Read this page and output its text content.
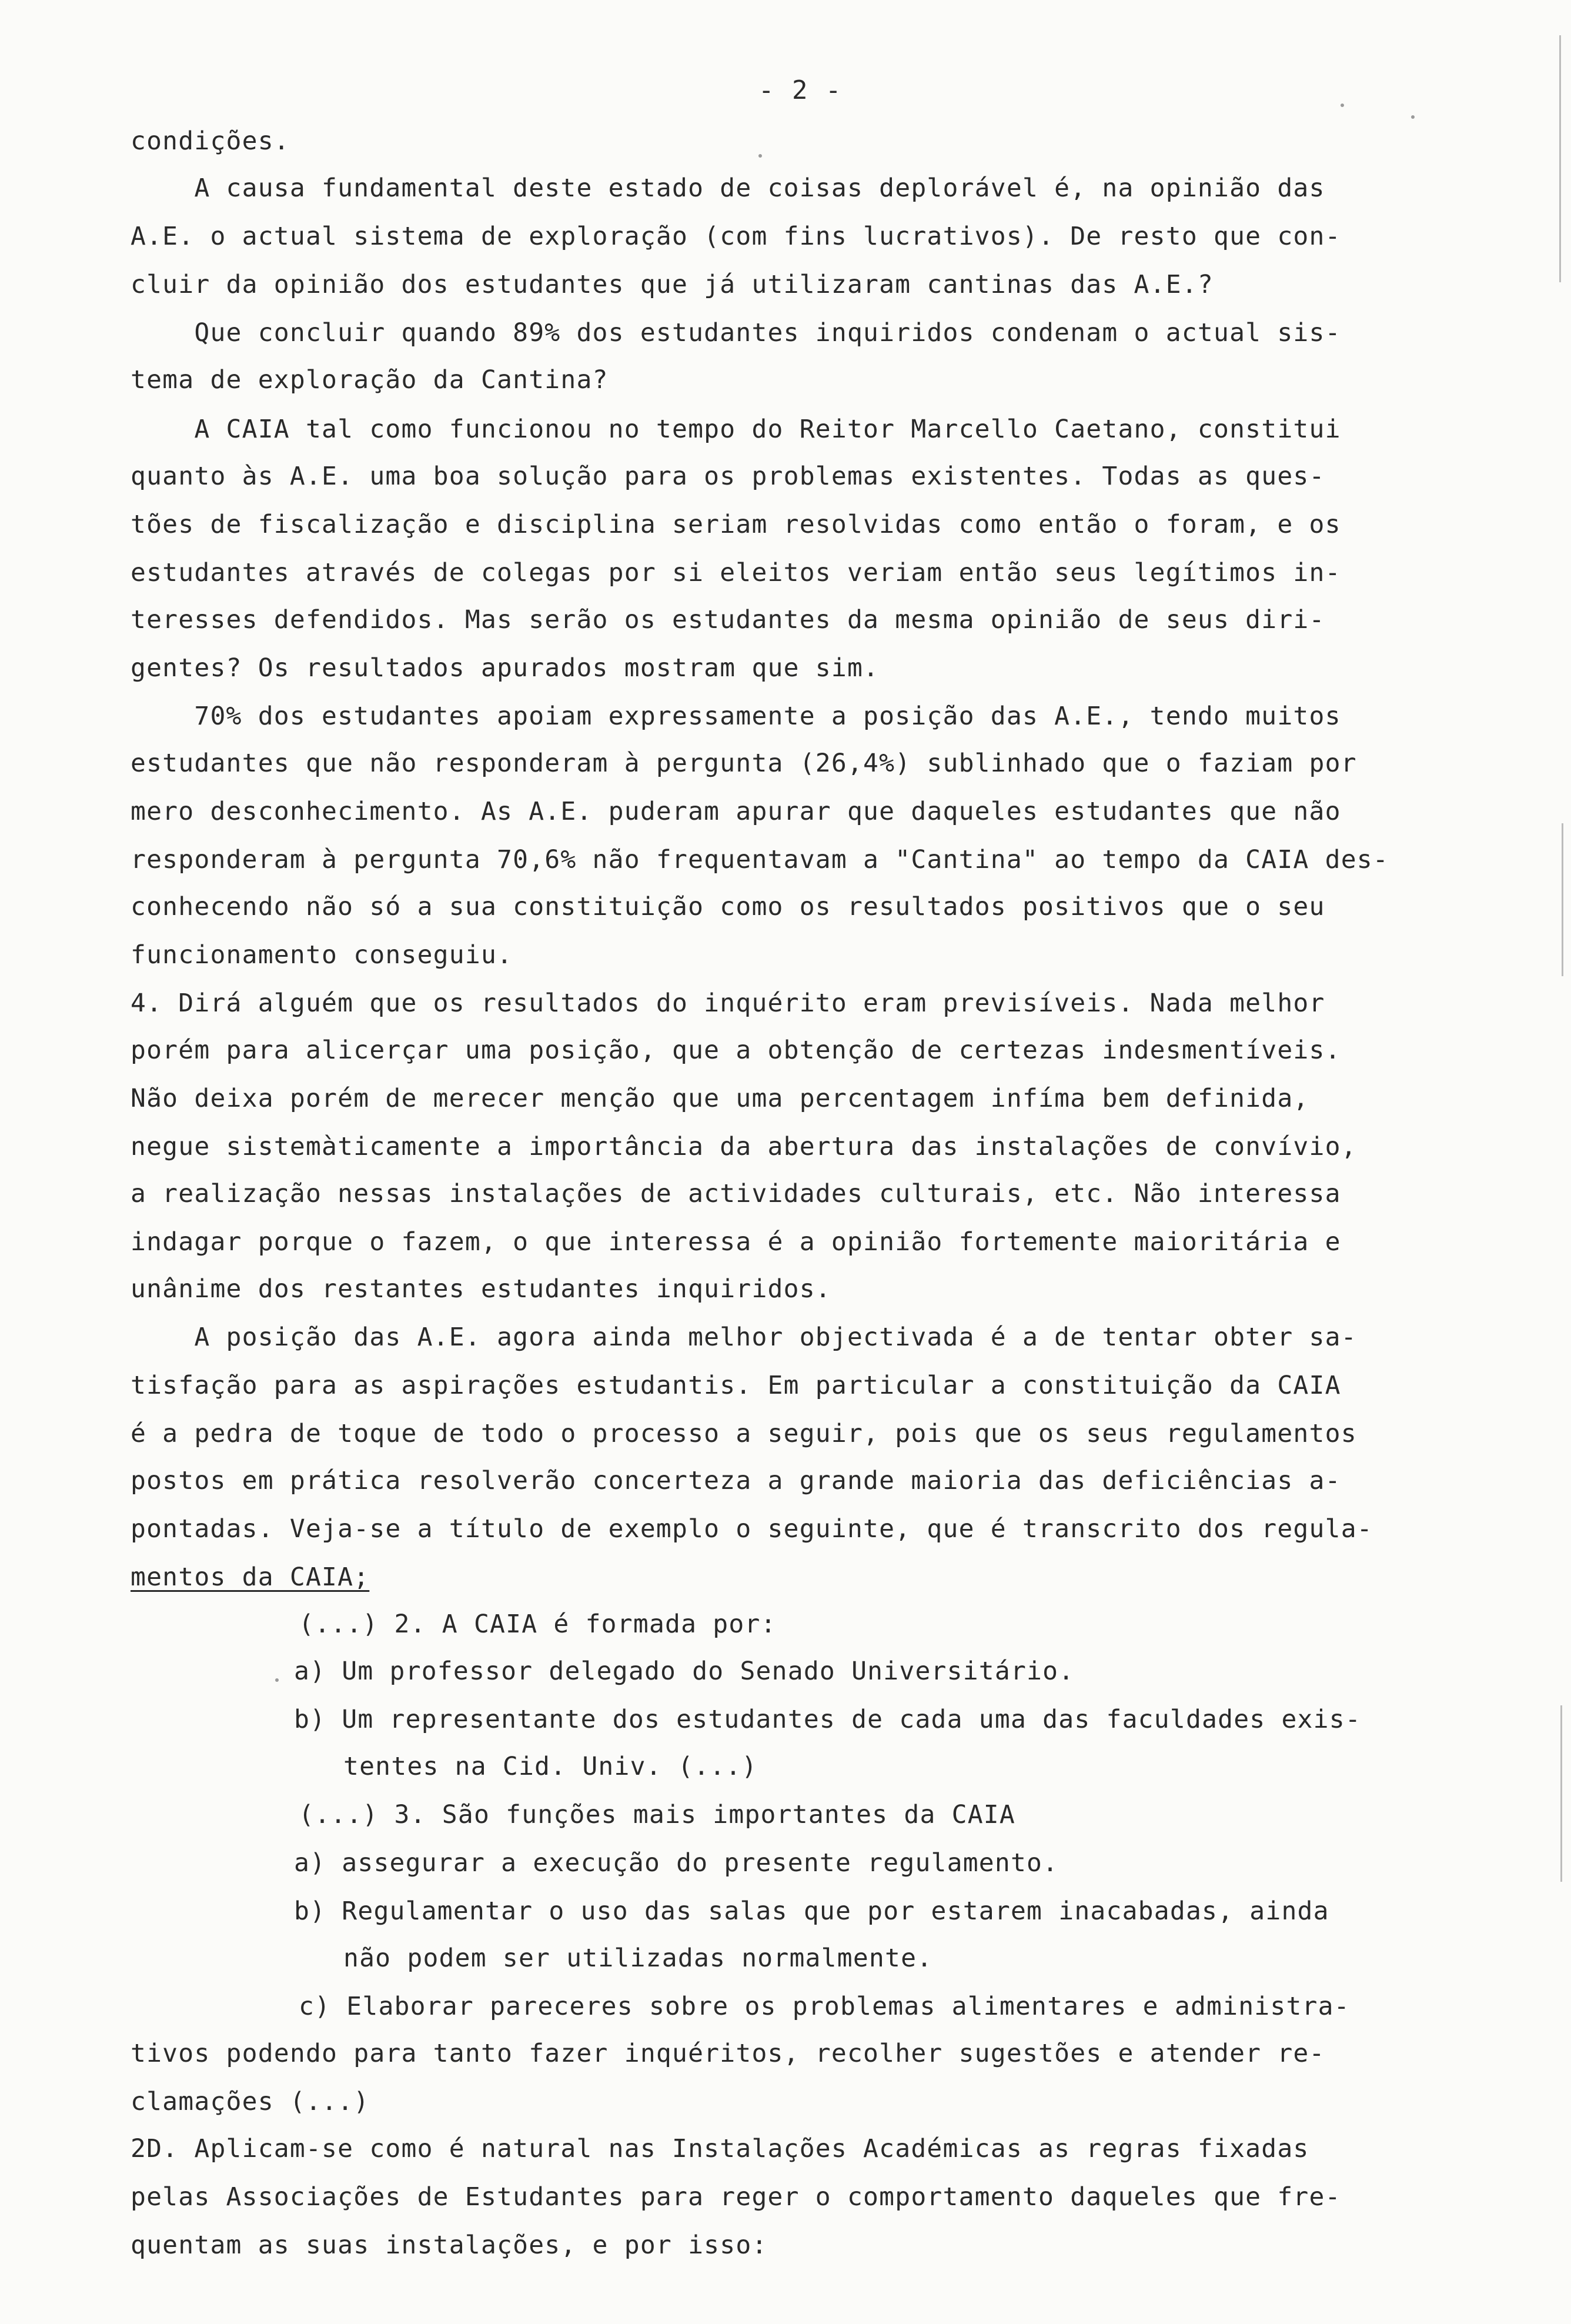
- 2 -
condições.
A causa fundamental deste estado de coisas deplorável é, na opinião das
A.E. o actual sistema de exploração (com fins lucrativos). De resto que con-
cluir da opinião dos estudantes que já utilizaram cantinas das A.E.?
Que concluir quando 89% dos estudantes inquiridos condenam o actual sis-
tema de exploração da Cantina?
A CAIA tal como funcionou no tempo do Reitor Marcello Caetano, constitui
quanto às A.E. uma boa solução para os problemas existentes. Todas as ques-
tões de fiscalização e disciplina seriam resolvidas como então o foram, e os
estudantes através de colegas por si eleitos veriam então seus legítimos in-
teresses defendidos. Mas serão os estudantes da mesma opinião de seus diri-
gentes? Os resultados apurados mostram que sim.
70% dos estudantes apoiam expressamente a posição das A.E., tendo muitos
estudantes que não responderam à pergunta (26,4%) sublinhado que o faziam por
mero desconhecimento. As A.E. puderam apurar que daqueles estudantes que não
responderam à pergunta 70,6% não frequentavam a "Cantina" ao tempo da CAIA des-
conhecendo não só a sua constituição como os resultados positivos que o seu
funcionamento conseguiu.
4. Dirá alguém que os resultados do inquérito eram previsíveis. Nada melhor
porém para alicerçar uma posição, que a obtenção de certezas indesmentíveis.
Não deixa porém de merecer menção que uma percentagem infíma bem definida,
negue sistemàticamente a importância da abertura das instalações de convívio,
a realização nessas instalações de actividades culturais, etc. Não interessa
indagar porque o fazem, o que interessa é a opinião fortemente maioritária e
unânime dos restantes estudantes inquiridos.
A posição das A.E. agora ainda melhor objectivada é a de tentar obter sa-
tisfação para as aspirações estudantis. Em particular a constituição da CAIA
é a pedra de toque de todo o processo a seguir, pois que os seus regulamentos
postos em prática resolverão concerteza a grande maioria das deficiências a-
pontadas. Veja-se a título de exemplo o seguinte, que é transcrito dos regula-
mentos da CAIA;
(...) 2. A CAIA é formada por:
a) Um professor delegado do Senado Universitário.
b) Um representante dos estudantes de cada uma das faculdades exis-
tentes na Cid. Univ. (...)
(...) 3. São funções mais importantes da CAIA
a) assegurar a execução do presente regulamento.
b) Regulamentar o uso das salas que por estarem inacabadas, ainda
não podem ser utilizadas normalmente.
c) Elaborar pareceres sobre os problemas alimentares e administra-
tivos podendo para tanto fazer inquéritos, recolher sugestões e atender re-
clamações (...)
2D. Aplicam-se como é natural nas Instalações Académicas as regras fixadas
pelas Associações de Estudantes para reger o comportamento daqueles que fre-
quentam as suas instalações, e por isso:
